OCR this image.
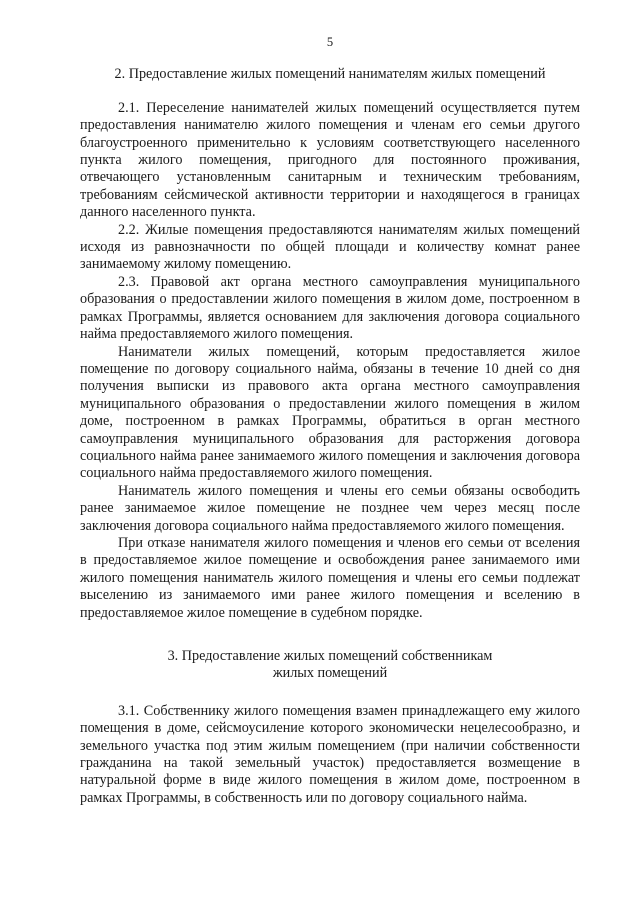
5
2. Предоставление жилых помещений нанимателям жилых помещений

2.1. Переселение нанимателей жилых помещений осуществляется путем предоставления нанимателю жилого помещения и членам его семьи другого благоустроенного применительно к условиям соответствующего населенного пункта жилого помещения, пригодного для постоянного проживания, отвечающего установленным санитарным и техническим требованиям, требованиям сейсмической активности территории и находящегося в границах данного населенного пункта.

2.2. Жилые помещения предоставляются нанимателям жилых помещений исходя из равнозначности по общей площади и количеству комнат ранее занимаемому жилому помещению.

2.3. Правовой акт органа местного самоуправления муниципального образования о предоставлении жилого помещения в жилом доме, построенном в рамках Программы, является основанием для заключения договора социального найма предоставляемого жилого помещения.

Наниматели жилых помещений, которым предоставляется жилое помещение по договору социального найма, обязаны в течение 10 дней со дня получения выписки из правового акта органа местного самоуправления муниципального образования о предоставлении жилого помещения в жилом доме, построенном в рамках Программы, обратиться в орган местного самоуправления муниципального образования для расторжения договора социального найма ранее занимаемого жилого помещения и заключения договора социального найма предоставляемого жилого помещения.

Наниматель жилого помещения и члены его семьи обязаны освободить ранее занимаемое жилое помещение не позднее чем через месяц после заключения договора социального найма предоставляемого жилого помещения.

При отказе нанимателя жилого помещения и членов его семьи от вселения в предоставляемое жилое помещение и освобождения ранее занимаемого ими жилого помещения наниматель жилого помещения и члены его семьи подлежат выселению из занимаемого ими ранее жилого помещения и вселению в предоставляемое жилое помещение в судебном порядке.

3. Предоставление жилых помещений собственникам
жилых помещений

3.1. Собственнику жилого помещения взамен принадлежащего ему жилого помещения в доме, сейсмоусиление которого экономически нецелесообразно, и земельного участка под этим жилым помещением (при наличии собственности гражданина на такой земельный участок) предоставляется возмещение в натуральной форме в виде жилого помещения в жилом доме, построенном в рамках Программы, в собственность или по договору социального найма.
